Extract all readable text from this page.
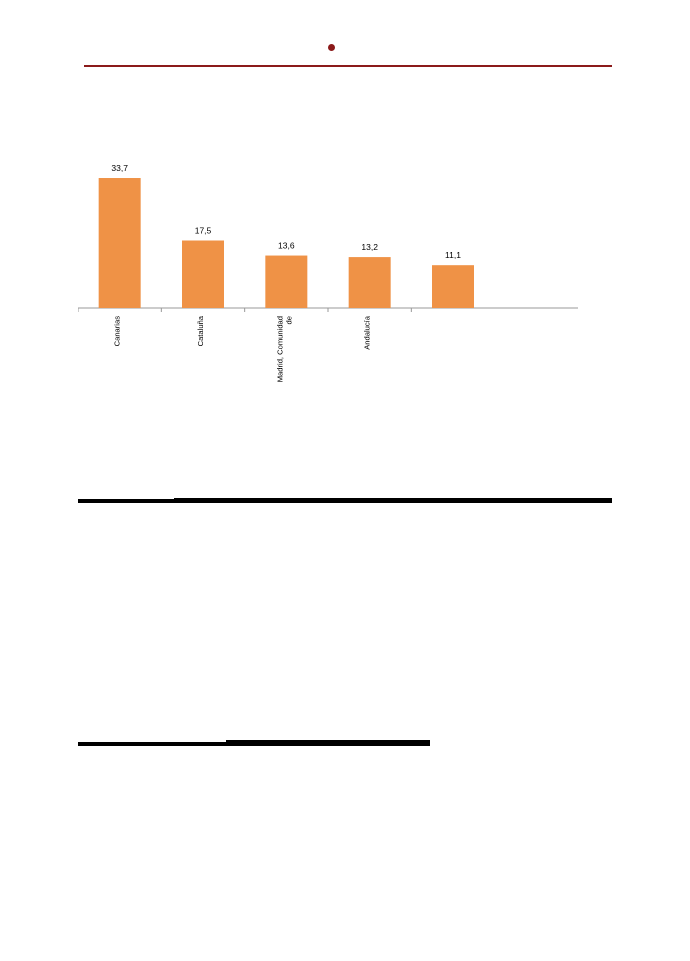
33,7
Canarias
17,5
Cataluña
13,6
Madrid, Comunidadde
13,2
Andalucía
11,1
